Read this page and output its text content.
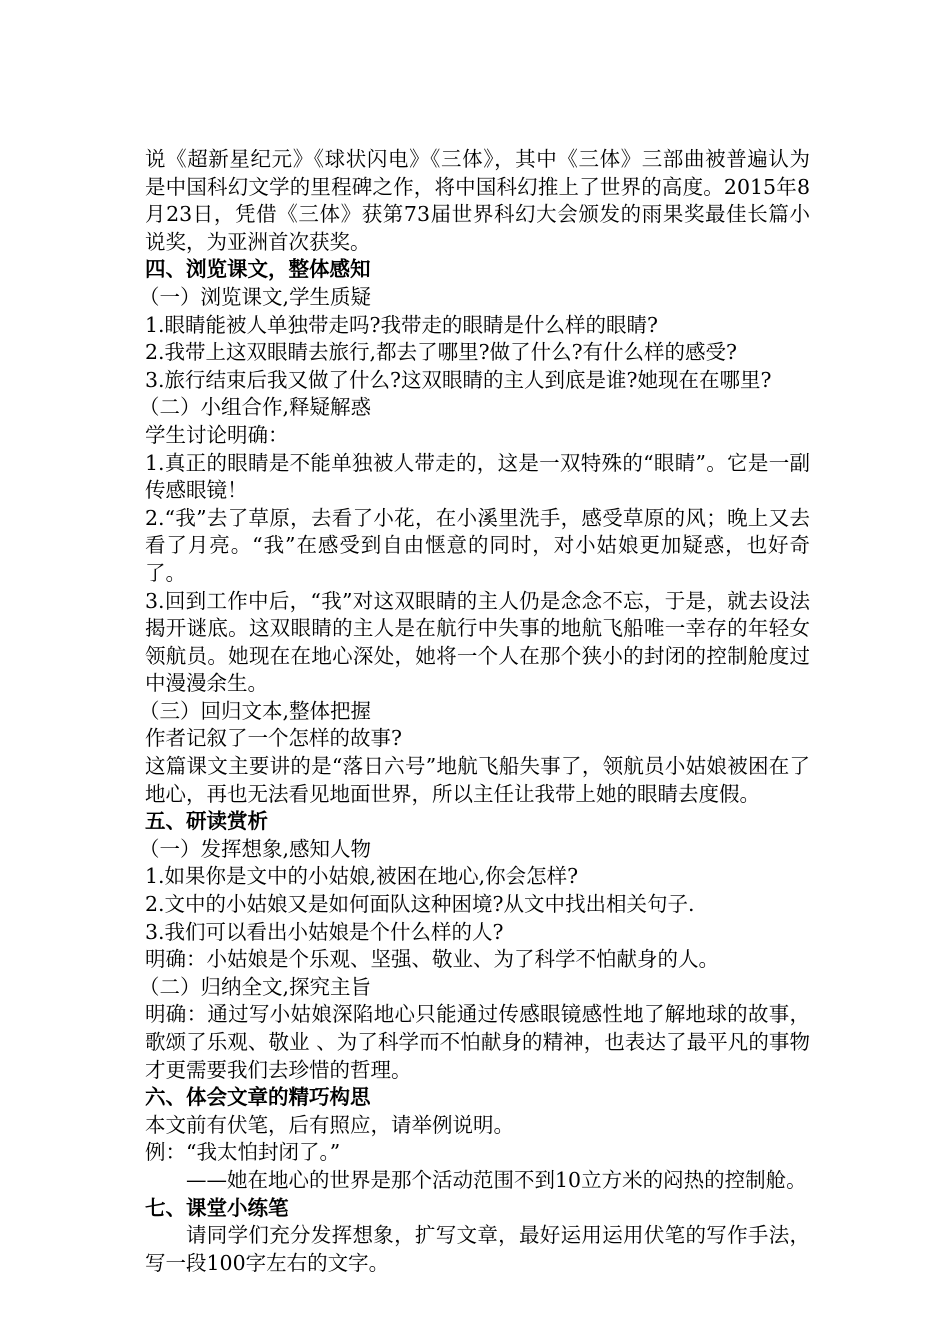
说《超新星纪元》《球状闪电》《三体》，其中《三体》三部曲被普遍认为是中国科幻文学的里程碑之作，将中国科幻推上了世界的高度。2015年8月23日，凭借《三体》获第73届世界科幻大会颁发的雨果奖最佳长篇小说奖，为亚洲首次获奖。

四、浏览课文，整体感知

（一）浏览课文,学生质疑

1.眼睛能被人单独带走吗?我带走的眼睛是什么样的眼睛?

2.我带上这双眼睛去旅行,都去了哪里?做了什么?有什么样的感受?

3.旅行结束后我又做了什么?这双眼睛的主人到底是谁?她现在在哪里?

（二）小组合作,释疑解惑

学生讨论明确：

1.真正的眼睛是不能单独被人带走的，这是一双特殊的“眼睛”。它是一副传感眼镜！

2.“我”去了草原，去看了小花，在小溪里洗手，感受草原的风；晚上又去看了月亮。“我”在感受到自由惬意的同时，对小姑娘更加疑惑，也好奇了。

3.回到工作中后，“我”对这双眼睛的主人仍是念念不忘，于是，就去设法揭开谜底。这双眼睛的主人是在航行中失事的地航飞船唯一幸存的年轻女领航员。她现在在地心深处，她将一个人在那个狭小的封闭的控制舱度过中漫漫余生。

（三）回归文本,整体把握

作者记叙了一个怎样的故事?

这篇课文主要讲的是“落日六号”地航飞船失事了，领航员小姑娘被困在了地心，再也无法看见地面世界，所以主任让我带上她的眼睛去度假。

五、研读赏析

（一）发挥想象,感知人物

1.如果你是文中的小姑娘,被困在地心,你会怎样?

2.文中的小姑娘又是如何面队这种困境?从文中找出相关句子.

3.我们可以看出小姑娘是个什么样的人?

明确：小姑娘是个乐观、坚强、敬业、为了科学不怕献身的人。

（二）归纳全文,探究主旨

明确：通过写小姑娘深陷地心只能通过传感眼镜感性地了解地球的故事，歌颂了乐观、敬业 、为了科学而不怕献身的精神，也表达了最平凡的事物才更需要我们去珍惜的哲理。

六、体会文章的精巧构思

本文前有伏笔，后有照应，请举例说明。

例：“我太怕封闭了。”

——她在地心的世界是那个活动范围不到10立方米的闷热的控制舱。

七、课堂小练笔

请同学们充分发挥想象，扩写文章，最好运用运用伏笔的写作手法，写一段100字左右的文字。
